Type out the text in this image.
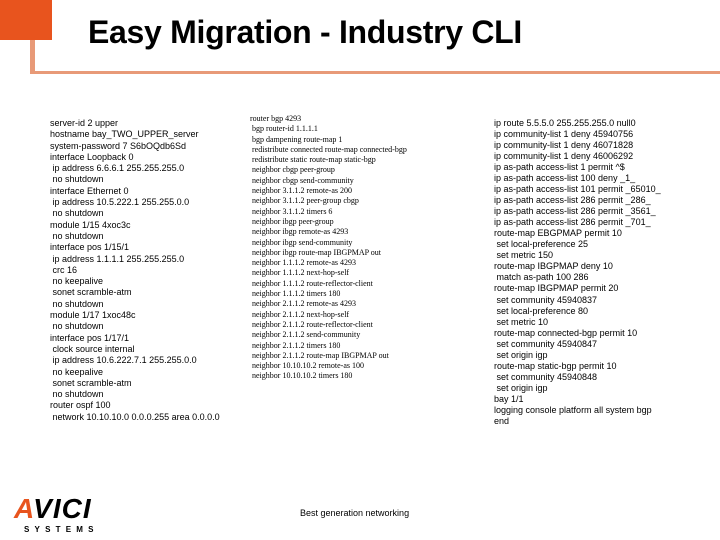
Easy Migration - Industry CLI
server-id 2 upper
hostname bay_TWO_UPPER_server
system-password 7 S6bOQdb6Sd
interface Loopback 0
ip address 6.6.6.1 255.255.255.0
no shutdown
interface Ethernet 0
ip address 10.5.222.1 255.255.0.0
no shutdown
module 1/15 4xoc3c
no shutdown
interface pos 1/15/1
ip address 1.1.1.1 255.255.255.0
crc 16
no keepalive
sonet scramble-atm
no shutdown
module 1/17 1xoc48c
no shutdown
interface pos 1/17/1
clock source internal
ip address 10.6.222.7.1 255.255.0.0
no keepalive
sonet scramble-atm
no shutdown
router ospf 100
network 10.10.10.0 0.0.0.255 area 0.0.0.0
router bgp 4293
bgp router-id 1.1.1.1
bgp dampening route-map 1
redistribute connected route-map connected-bgp
redistribute static route-map static-bgp
neighbor cbgp peer-group
neighbor cbgp send-community
neighbor 3.1.1.2 remote-as 200
neighbor 3.1.1.2 peer-group cbgp
neighbor 3.1.1.2 timers 6
neighbor ibgp peer-group
neighbor ibgp remote-as 4293
neighbor ibgp send-community
neighbor ibgp route-map IBGPMAP out
neighbor 1.1.1.2 remote-as 4293
neighbor 1.1.1.2 next-hop-self
neighbor 1.1.1.2 route-reflector-client
neighbor 1.1.1.2 timers 180
neighbor 2.1.1.2 remote-as 4293
neighbor 2.1.1.2 next-hop-self
neighbor 2.1.1.2 route-reflector-client
neighbor 2.1.1.2 send-community
neighbor 2.1.1.2 timers 180
neighbor 2.1.1.2 route-map IBGPMAP out
neighbor 10.10.10.2 remote-as 100
neighbor 10.10.10.2 timers 180
ip route 5.5.5.0 255.255.255.0 null0
ip community-list 1 deny 45940756
ip community-list 1 deny 46071828
ip community-list 1 deny 46006292
ip as-path access-list 1 permit ^$
ip as-path access-list 100 deny _1_
ip as-path access-list 101 permit _65010_
ip as-path access-list 286 permit _286_
ip as-path access-list 286 permit _3561_
ip as-path access-list 286 permit _701_
route-map EBGPMAP permit 10
set local-preference 25
set metric 150
route-map IBGPMAP deny 10
match as-path 100 286
route-map IBGPMAP permit 20
set community 45940837
set local-preference 80
set metric 10
route-map connected-bgp permit 10
set community 45940847
set origin igp
route-map static-bgp permit 10
set community 45940848
set origin igp
bay 1/1
logging console platform all system bgp
end
AVICI
SYSTEMS
Best generation networking
